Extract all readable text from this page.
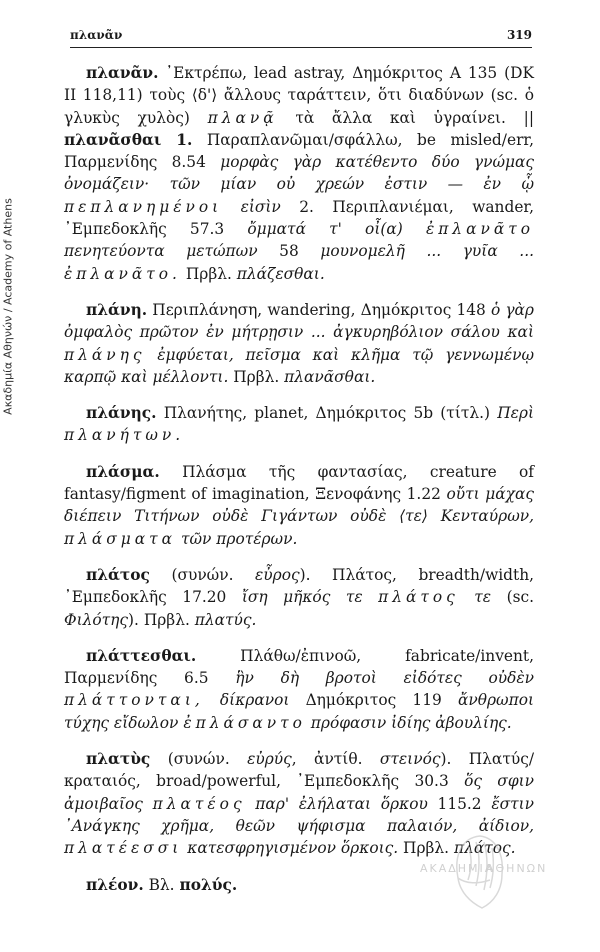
Ακαδημία Αθηνών / Academy of Athens
πλανᾶν	319

πλανᾶν. ᾿Εκτρέπω, lead astray, Δημόκριτος A 135 (DK II 118,11) τοὺς ⟨δ'⟩ ἄλλους ταράττειν, ὅτι διαδύνων (sc. ὁ γλυκὺς χυλὸς) πλανᾷ τὰ ἄλλα καὶ ὑγραίνει. || πλανᾶσθαι 1. Παραπλανῶμαι/σφάλλω, be misled/err, Παρμενίδης 8.54 μορφὰς γὰρ κατέθεντο δύο γνώμας ὀνομάζειν· τῶν μίαν οὐ χρεών ἐστιν — ἐν ᾧ πεπλανημένοι εἰσὶν 2. Περιπλανιέμαι, wander, ᾿Εμπεδοκλῆς 57.3 ὄμματά τ' οἶ(α) ἐπλανᾶτο πενητεύοντα μετώπων 58 μουνομελῆ ... γυῖα ... ἐπλανᾶτο. Πρβλ. πλάζεσθαι.

πλάνη. Περιπλάνηση, wandering, Δημόκριτος 148 ὁ γὰρ ὀμφαλὸς πρῶτον ἐν μήτρῃσιν ... ἀγκυρηβόλιον σάλου καὶ πλάνης ἐμφύεται, πεῖσμα καὶ κλῆμα τῷ γεννωμένῳ καρπῷ καὶ μέλλοντι. Πρβλ. πλανᾶσθαι.

πλάνης. Πλανήτης, planet, Δημόκριτος 5b (τίτλ.) Περὶ πλανήτων.

πλάσμα. Πλάσμα τῆς φαντασίας, creature of fantasy/figment of imagination, Ξενοφάνης 1.22 οὔτι μάχας διέπειν Τιτήνων οὐδὲ Γιγάντων οὐδὲ ⟨τε⟩ Κενταύρων, πλάσματα τῶν προτέρων.

πλάτος (συνών. εὖρος). Πλάτος, breadth/width, ᾿Εμπεδοκλῆς 17.20 ἴση μῆκός τε πλάτος τε (sc. Φιλότης). Πρβλ. πλατύς.

πλάττεσθαι. Πλάθω/ἐπινοῶ, fabricate/invent, Παρμενίδης 6.5 ἣν δὴ βροτοὶ εἰδότες οὐδὲν πλάττονται, δίκρανοι Δημόκριτος 119 ἄνθρωποι τύχης εἴδωλον ἐπλάσαντο πρόφασιν ἰδίης ἀβουλίης.

πλατὺς (συνών. εὐρύς, ἀντίθ. στεινός). Πλατύς/κραταιός, broad/powerful, ᾿Εμπεδοκλῆς 30.3 ὅς σφιν ἀμοιβαῖος πλατέος παρ' ἐλήλαται ὅρκου 115.2 ἔστιν ᾿Ανάγκης χρῆμα, θεῶν ψήφισμα παλαιόν, ἀίδιον, πλατέεσσι κατεσφρηγισμένον ὅρκοις. Πρβλ. πλάτος.

πλέον. Βλ. πολύς.

ΑΚΑΔΗΜΙΑ
ΑΘΗΝΩΝ
